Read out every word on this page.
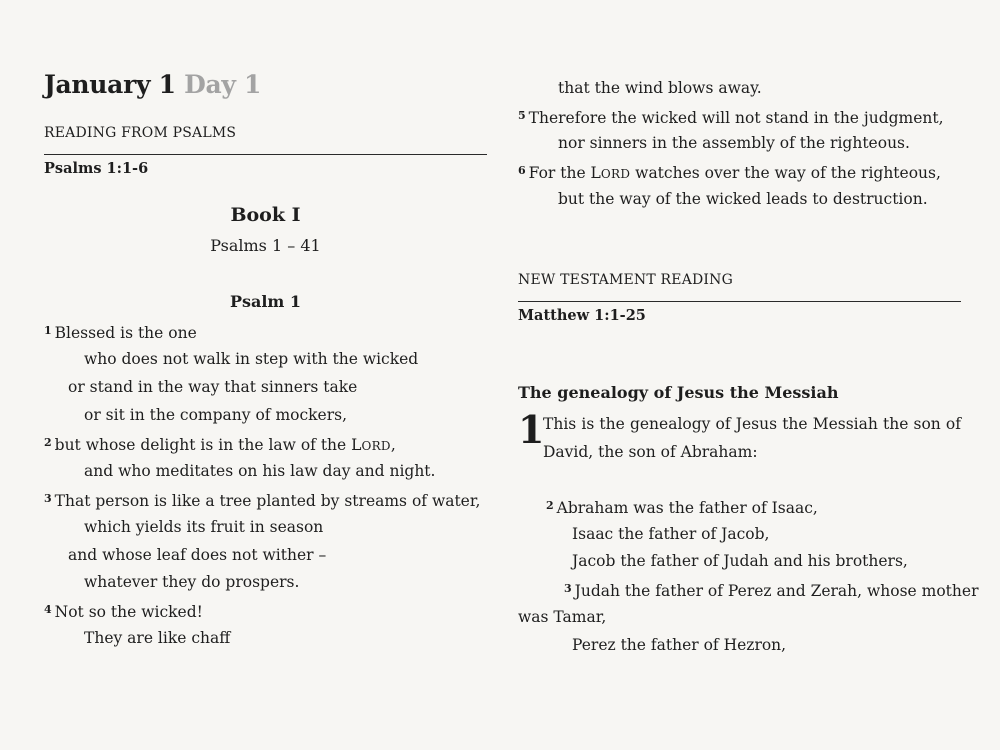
January 1 Day 1
READING FROM PSALMS
Psalms 1:1-6
Book I
Psalms 1 – 41
Psalm 1
$^1$ Blessed is the one
who does not walk in step with the wicked
or stand in the way that sinners take
or sit in the company of mockers,
$^2$ but whose delight is in the law of the LORD,
and who meditates on his law day and night.
$^3$ That person is like a tree planted by streams of water,
which yields its fruit in season
and whose leaf does not wither –
whatever they do prospers.
$^4$ Not so the wicked!
They are like chaff
that the wind blows away.
$^5$ Therefore the wicked will not stand in the judgment,
nor sinners in the assembly of the righteous.
$^6$ For the LORD watches over the way of the righteous,
but the way of the wicked leads to destruction.
NEW TESTAMENT READING
Matthew 1:1-25
The genealogy of Jesus the Messiah
1
This is the genealogy of Jesus the Messiah the son of David, the son of Abraham:
$^2$ Abraham was the father of Isaac,
Isaac the father of Jacob,
Jacob the father of Judah and his brothers,
$^3$ Judah the father of Perez and Zerah, whose mother
was Tamar,
Perez the father of Hezron,
